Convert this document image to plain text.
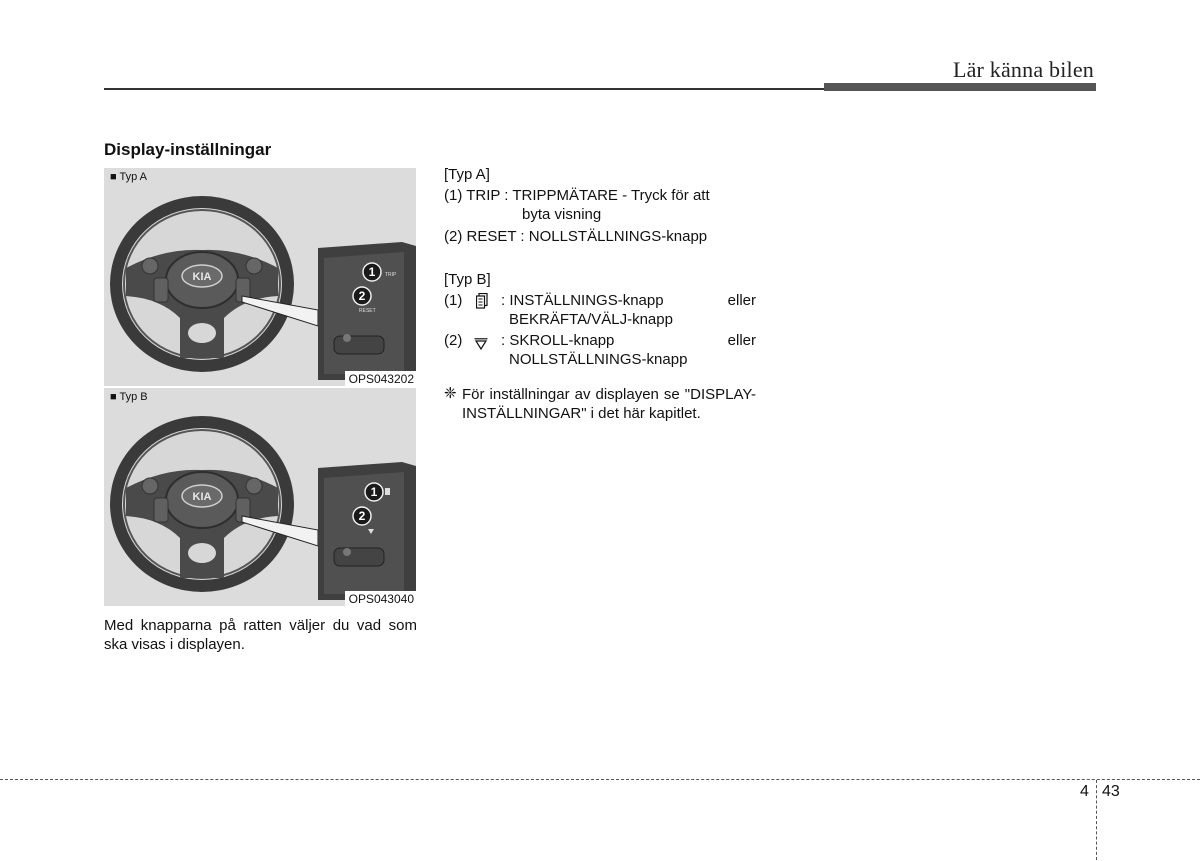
Lär känna bilen
Display-inställningar
KIA	1
2
TRIP
RESET
■ Typ A
OPS043202
KIA	1
2
■ Typ B
OPS043040
Med knapparna på ratten väljer du vad som ska visas i displayen.
[Typ A]
(1) TRIP : TRIPPMÄTARE - Tryck för att
byta visning
(2) RESET : NOLLSTÄLLNINGS-knapp
[Typ B]
(1)	: INSTÄLLNINGS-knapp	eller
BEKRÄFTA/VÄLJ-knapp
(2)	: SKROLL-knapp	eller
NOLLSTÄLLNINGS-knapp
❈ För inställningar av displayen se "DISPLAY-INSTÄLLNINGAR" i det här kapitlet.
4 43
